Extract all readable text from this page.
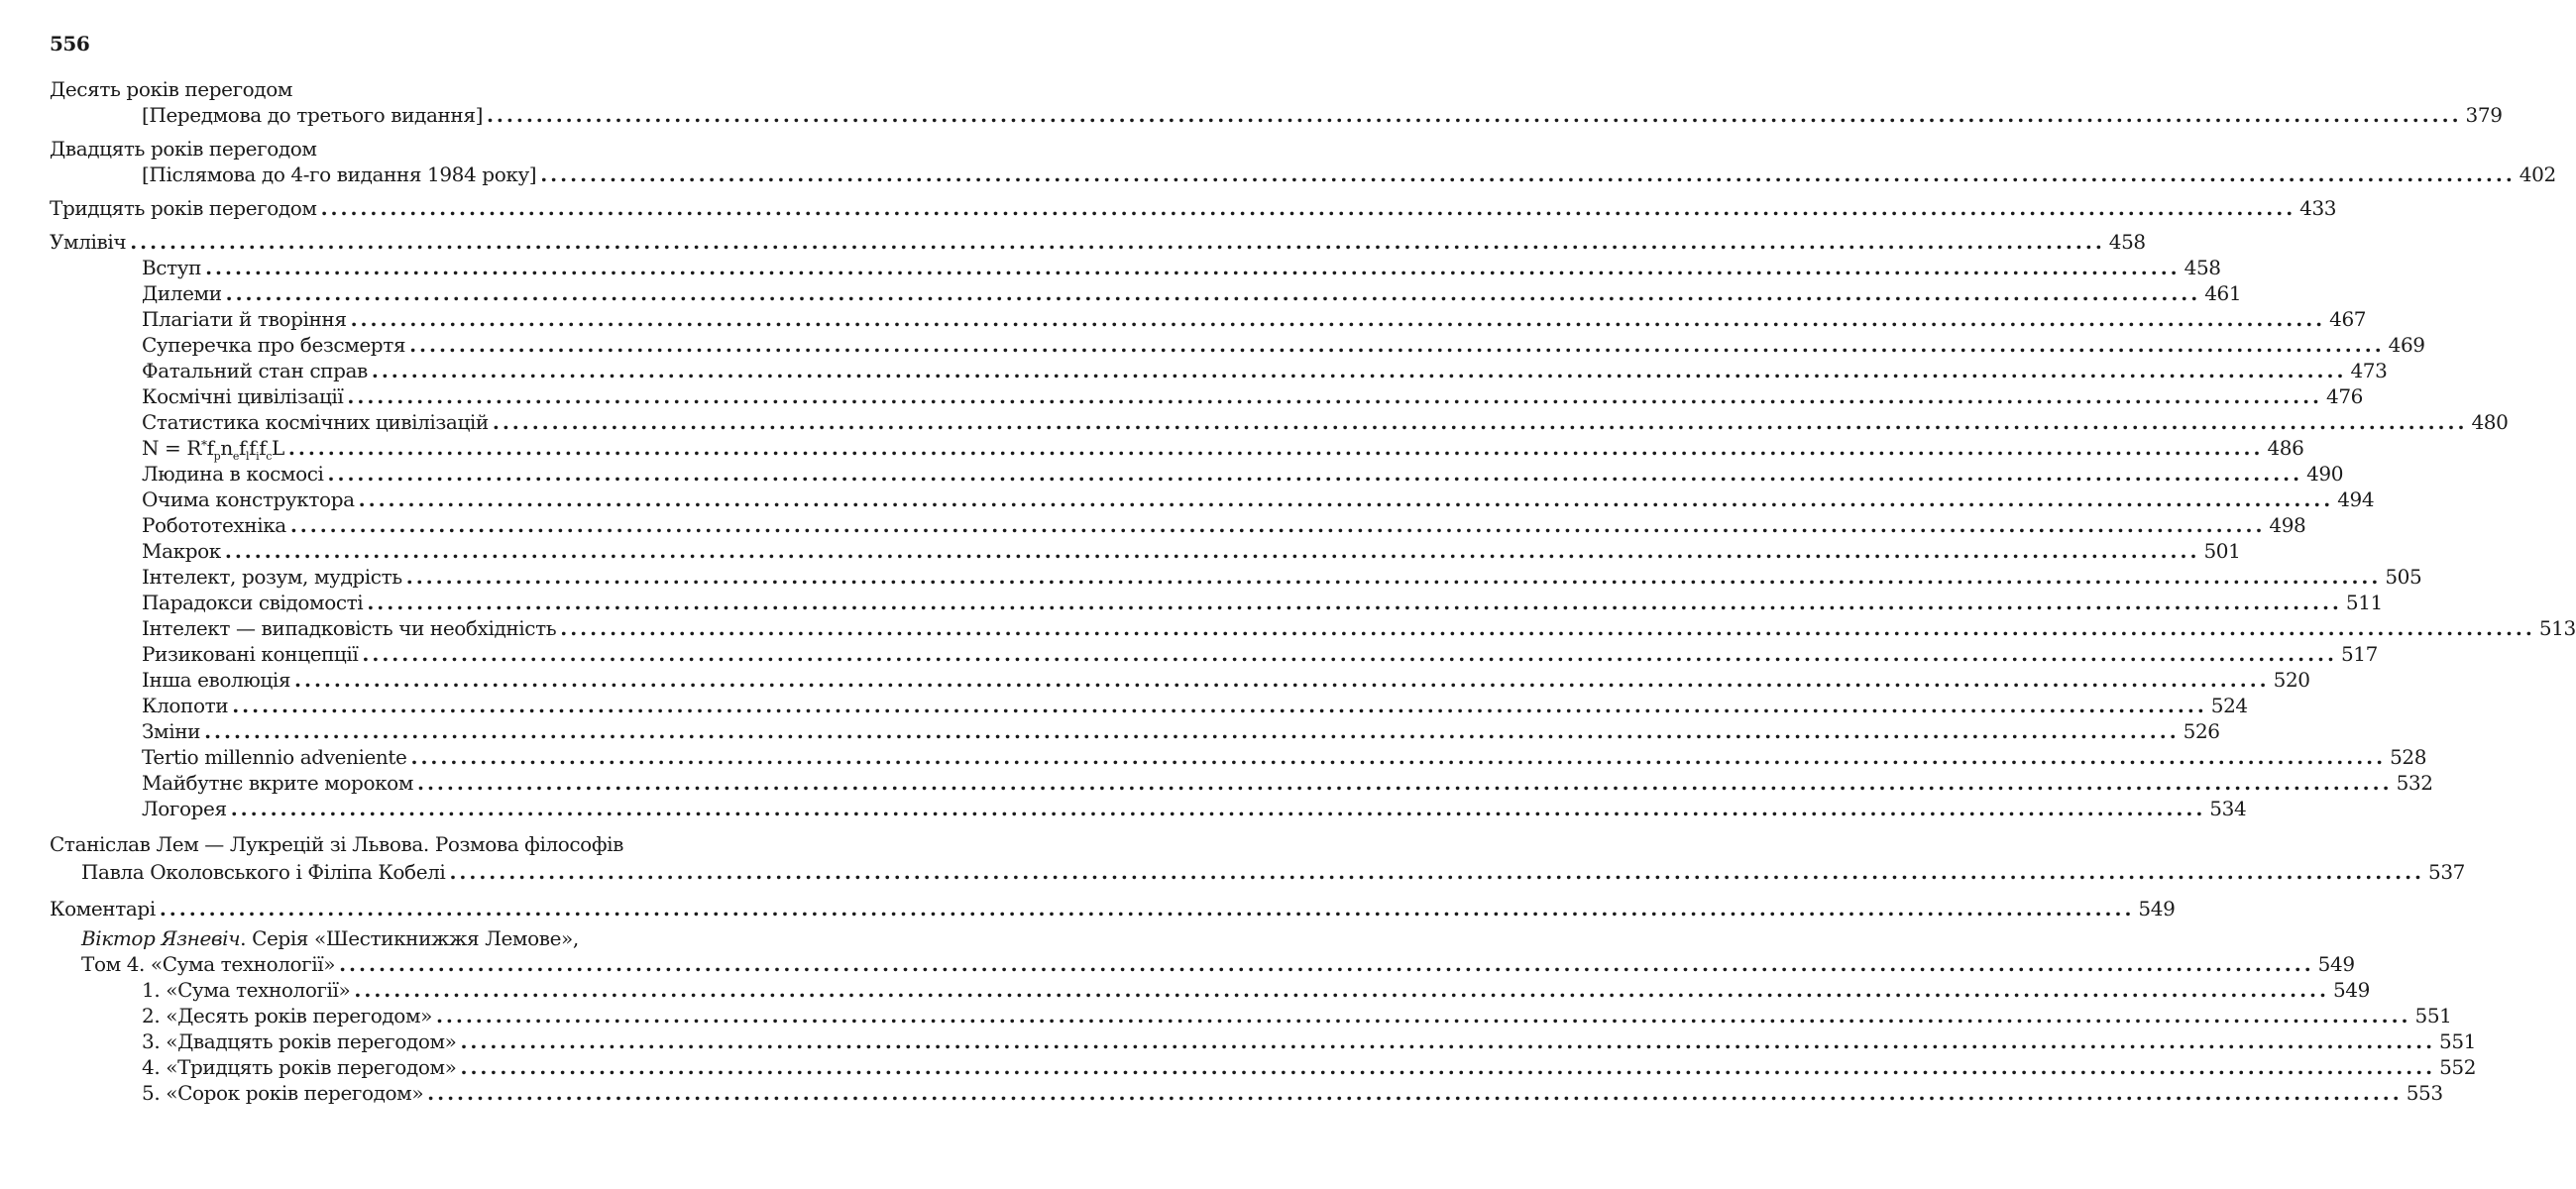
556
Десять років перегодом
[Передмова до третього видання] ........................................................................................................................................................................................................ 379
Двадцять років перегодом
[Післямова до 4-го видання 1984 року] ........................................................................................................................................................................................................ 402
Тридцять років перегодом ........................................................................................................................................................................................................ 433
Умлівіч ........................................................................................................................................................................................................ 458
Вступ ........................................................................................................................................................................................................ 458
Дилеми ........................................................................................................................................................................................................ 461
Плагіати й творіння ........................................................................................................................................................................................................ 467
Суперечка про безсмертя ........................................................................................................................................................................................................ 469
Фатальний стан справ ........................................................................................................................................................................................................ 473
Космічні цивілізації ........................................................................................................................................................................................................ 476
Статистика космічних цивілізацій ........................................................................................................................................................................................................ 480
$N = R^*f_pn_ef_lf_if_cL$ ........................................................................................................................................................................................................ 486
Людина в космосі ........................................................................................................................................................................................................ 490
Очима конструктора ........................................................................................................................................................................................................ 494
Робототехніка ........................................................................................................................................................................................................ 498
Макрок ........................................................................................................................................................................................................ 501
Інтелект, розум, мудрість ........................................................................................................................................................................................................ 505
Парадокси свідомості ........................................................................................................................................................................................................ 511
Інтелект — випадковість чи необхідність ........................................................................................................................................................................................................ 513
Ризиковані концепції ........................................................................................................................................................................................................ 517
Інша еволюція ........................................................................................................................................................................................................ 520
Клопоти ........................................................................................................................................................................................................ 524
Зміни ........................................................................................................................................................................................................ 526
Tertio millennio adveniente ........................................................................................................................................................................................................ 528
Майбутнє вкрите мороком ........................................................................................................................................................................................................ 532
Логорея ........................................................................................................................................................................................................ 534
Станіслав Лем — Лукрецій зі Львова. Розмова філософів
Павла Околовського і Філіпа Кобелі ........................................................................................................................................................................................................ 537
Коментарі ........................................................................................................................................................................................................ 549
Віктор Язневіч. Серія «Шестикнижжя Лемове»,
Том 4. «Сума технології» ........................................................................................................................................................................................................ 549
1. «Сума технології» ........................................................................................................................................................................................................ 549
2. «Десять років перегодом» ........................................................................................................................................................................................................ 551
3. «Двадцять років перегодом» ........................................................................................................................................................................................................ 551
4. «Тридцять років перегодом» ........................................................................................................................................................................................................ 552
5. «Сорок років перегодом» ........................................................................................................................................................................................................ 553
